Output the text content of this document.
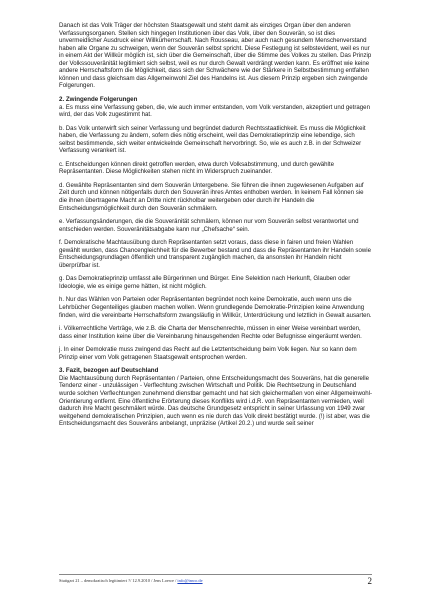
Danach ist das Volk Träger der höchsten Staatsgewalt und steht damit als einziges Organ über den anderen Verfassungsorganen. Stellen sich hingegen Institutionen über das Volk, über den Souverän, so ist dies unvermeidlicher Ausdruck einer Willkürherrschaft. Nach Rousseau, aber auch nach gesundem Menschenverstand haben alle Organe zu schweigen, wenn der Souverän selbst spricht. Diese Festlegung ist selbstevident, weil es nur in einem Akt der Willkür möglich ist, sich über die Gemeinschaft, über die Stimme des Volkes zu stellen. Das Prinzip der Volkssouveränität legitimiert sich selbst, weil es nur durch Gewalt verdrängt werden kann. Es eröffnet wie keine andere Herrschaftsform die Möglichkeit, dass sich der Schwächere wie der Stärkere in Selbstbestimmung entfalten können und dass gleichsam das Allgemeinwohl Ziel des Handelns ist. Aus diesem Prinzip ergeben sich zwingende Folgerungen.

2. Zwingende Folgerungen

a. Es muss eine Verfassung geben, die, wie auch immer entstanden, vom Volk verstanden, akzeptiert und getragen wird, der das Volk zugestimmt hat.

b. Das Volk unterwirft sich seiner Verfassung und begründet dadurch Rechtsstaatlichkeit. Es muss die Möglichkeit haben, die Verfassung zu ändern, sofern dies nötig erscheint, weil das Demokratieprinzip eine lebendige, sich selbst bestimmende, sich weiter entwickelnde Gemeinschaft hervorbringt. So, wie es auch z.B. in der Schweizer Verfassung verankert ist.

c. Entscheidungen können direkt getroffen werden, etwa durch Volksabstimmung, und durch gewählte Repräsentanten. Diese Möglichkeiten stehen nicht im Widerspruch zueinander.

d. Gewählte Repräsentanten sind dem Souverän Untergebene. Sie führen die ihnen zugewiesenen Aufgaben auf Zeit durch und können nötigenfalls durch den Souverän ihres Amtes enthoben werden. In keinem Fall können sie die ihnen übertragene Macht an Dritte nicht rückholbar weitergeben oder durch ihr Handeln die Entscheidungsmöglichkeit durch den Souverän schmälern.

e. Verfassungsänderungen, die die Souveränität schmälern, können nur vom Souverän selbst verantwortet und entschieden werden. Souveränitätsabgabe kann nur „Chefsache“ sein.

f. Demokratische Machtausübung durch Repräsentanten setzt voraus, dass diese in fairen und freien Wahlen gewählt wurden, dass Chancengleichheit für die Bewerber bestand und dass die Repräsentanten ihr Handeln sowie Entscheidungsgrundlagen öffentlich und transparent zugänglich machen, da ansonsten ihr Handeln nicht überprüfbar ist.

g. Das Demokratieprinzip umfasst alle Bürgerinnen und Bürger. Eine Selektion nach Herkunft, Glauben oder Ideologie, wie es einige gerne hätten, ist nicht möglich.

h. Nur das Wählen von Parteien oder Repräsentanten begründet noch keine Demokratie, auch wenn uns die Lehrbücher Gegenteiliges glauben machen wollen. Wenn grundlegende Demokratie-Prinzipien keine Anwendung finden, wird die vereinbarte Herrschaftsform zwangsläufig in Willkür, Unterdrückung und letztlich in Gewalt ausarten.

i. Völkerrechtliche Verträge, wie z.B. die Charta der Menschenrechte, müssen in einer Weise vereinbart werden, dass einer Institution keine über die Vereinbarung hinausgehenden Rechte oder Befugnisse eingeräumt werden.

j. In einer Demokratie muss zwingend das Recht auf die Letztentscheidung beim Volk liegen. Nur so kann dem Prinzip einer vom Volk getragenen Staatsgewalt entsprochen werden.

3. Fazit, bezogen auf Deutschland

Die Machtausübung durch Repräsentanten / Parteien, ohne Entscheidungsmacht des Souveräns, hat die generelle Tendenz einer - unzulässigen - Verflechtung zwischen Wirtschaft und Politik. Die Rechtsetzung in Deutschland wurde solchen Verflechtungen zunehmend dienstbar gemacht und hat sich gleichermaßen von einer Allgemeinwohl-Orientierung entfernt. Eine öffentliche Erörterung dieses Konflikts wird i.d.R. von Repräsentanten vermieden, weil dadurch ihre Macht geschmälert würde. Das deutsche Grundgesetz entspricht in seiner Urfassung von 1949 zwar weitgehend demokratischen Prinzipien, auch wenn es nie durch das Volk direkt bestätigt wurde. (!) ist aber, was die Entscheidungsmacht des Souveräns anbelangt, unpräzise (Artikel 20.2.) und wurde seit seiner

Stuttgart 21 – demokratisch legitimiert ?/ 12.9.2010 / Jens Loewe / info@inwo.de	2
